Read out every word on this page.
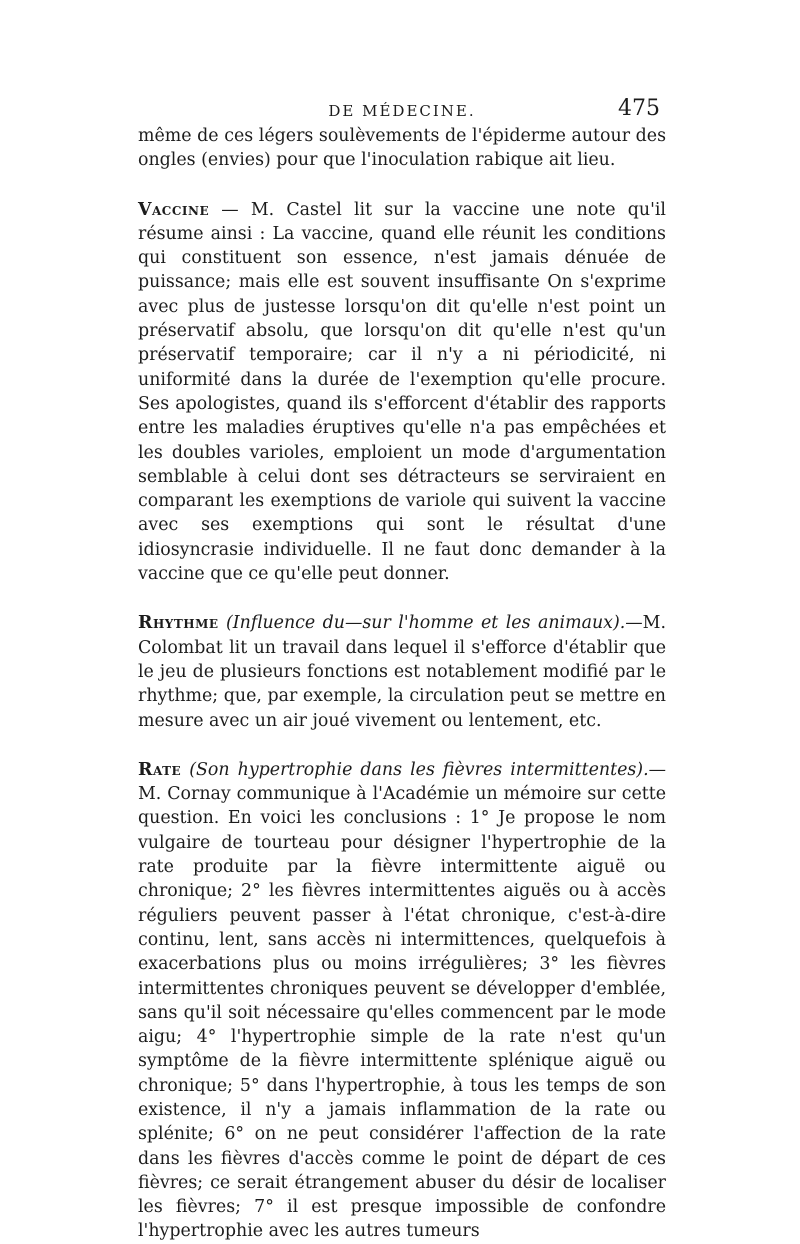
DE MÉDECINE.	475

même de ces légers soulèvements de l'épiderme autour des ongles (envies) pour que l'inoculation rabique ait lieu.

Vaccine — M. Castel lit sur la vaccine une note qu'il résume ainsi : La vaccine, quand elle réunit les conditions qui constituent son essence, n'est jamais dénuée de puissance; mais elle est souvent insuffisante On s'exprime avec plus de justesse lorsqu'on dit qu'elle n'est point un préservatif absolu, que lorsqu'on dit qu'elle n'est qu'un préservatif temporaire; car il n'y a ni périodicité, ni uniformité dans la durée de l'exemption qu'elle procure. Ses apologistes, quand ils s'efforcent d'établir des rapports entre les maladies éruptives qu'elle n'a pas empêchées et les doubles varioles, emploient un mode d'argumentation semblable à celui dont ses détracteurs se serviraient en comparant les exemptions de variole qui suivent la vaccine avec ses exemptions qui sont le résultat d'une idiosyncrasie individuelle. Il ne faut donc demander à la vaccine que ce qu'elle peut donner.

Rhythme (Influence du—sur l'homme et les animaux).—M. Colombat lit un travail dans lequel il s'efforce d'établir que le jeu de plusieurs fonctions est notablement modifié par le rhythme; que, par exemple, la circulation peut se mettre en mesure avec un air joué vivement ou lentement, etc.

Rate (Son hypertrophie dans les fièvres intermittentes).—M. Cornay communique à l'Académie un mémoire sur cette question. En voici les conclusions : 1° Je propose le nom vulgaire de tourteau pour désigner l'hypertrophie de la rate produite par la fièvre intermittente aiguë ou chronique; 2° les fièvres intermittentes aiguës ou à accès réguliers peuvent passer à l'état chronique, c'est-à-dire continu, lent, sans accès ni intermittences, quelquefois à exacerbations plus ou moins irrégulières; 3° les fièvres intermittentes chroniques peuvent se développer d'emblée, sans qu'il soit nécessaire qu'elles commencent par le mode aigu; 4° l'hypertrophie simple de la rate n'est qu'un symptôme de la fièvre intermittente splénique aiguë ou chronique; 5° dans l'hypertrophie, à tous les temps de son existence, il n'y a jamais inflammation de la rate ou splénite; 6° on ne peut considérer l'affection de la rate dans les fièvres d'accès comme le point de départ de ces fièvres; ce serait étrangement abuser du désir de localiser les fièvres; 7° il est presque impossible de confondre l'hypertrophie avec les autres tumeurs
